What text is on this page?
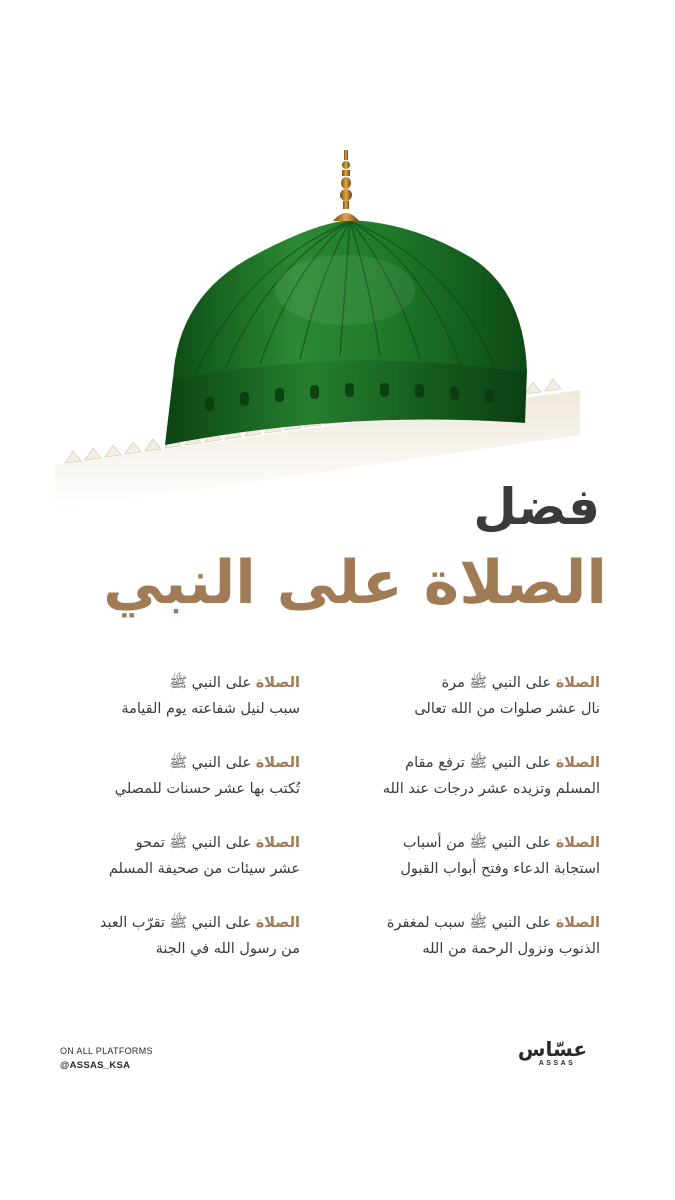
فضل
الصلاة على النبي
الصلاة على النبي ﷺ
سبب لنيل شفاعته يوم القيامة
الصلاة على النبي ﷺ مرة
نال عشر صلوات من الله تعالى
الصلاة على النبي ﷺ
تُكتب بها عشر حسنات للمصلي
الصلاة على النبي ﷺ ترفع مقام
المسلم وتزيده عشر درجات عند الله
الصلاة على النبي ﷺ تمحو
عشر سيئات من صحيفة المسلم
الصلاة على النبي ﷺ من أسباب
استجابة الدعاء وفتح أبواب القبول
الصلاة على النبي ﷺ تقرّب العبد
من رسول الله في الجنة
الصلاة على النبي ﷺ سبب لمغفرة
الذنوب ونزول الرحمة من الله
ON ALL PLATFORMS
@ASSAS_KSA
عسّاس
ASSAS
